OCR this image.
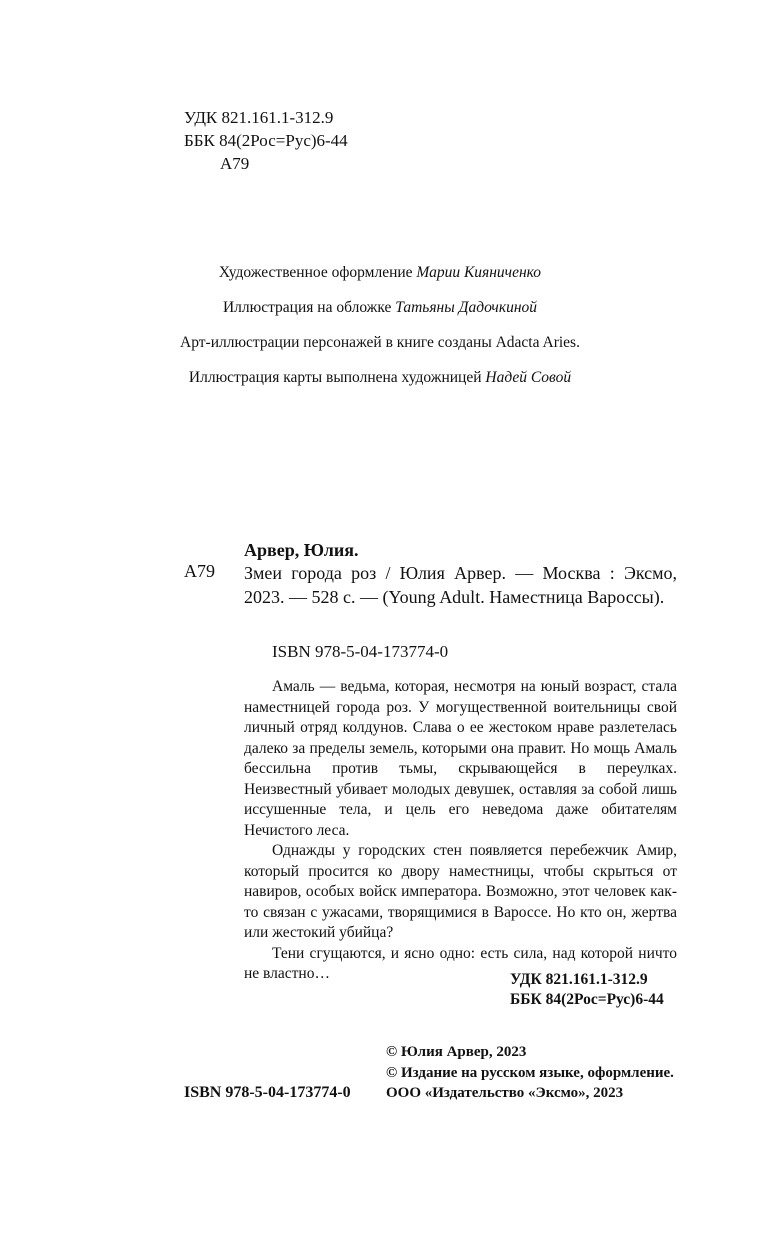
УДК 821.161.1-312.9
ББК 84(2Рос=Рус)6-44
А79
Художественное оформление Марии Кияниченко
Иллюстрация на обложке Татьяны Дадочкиной
Арт-иллюстрации персонажей в книге созданы Adacta Aries.
Иллюстрация карты выполнена художницей Надей Совой
Арвер, Юлия.
А79 Змеи города роз / Юлия Арвер. — Москва : Эксмо, 2023. — 528 с. — (Young Adult. Наместница Вароссы).
ISBN 978-5-04-173774-0

Амаль — ведьма, которая, несмотря на юный возраст, стала наместницей города роз. У могущественной воительницы свой личный отряд колдунов. Слава о ее жестоком нраве разлетелась далеко за пределы земель, которыми она правит. Но мощь Амаль бессильна против тьмы, скрывающейся в переулках. Неизвестный убивает молодых девушек, оставляя за собой лишь иссушенные тела, и цель его неведома даже обитателям Нечистого леса.

Однажды у городских стен появляется перебежчик Амир, который просится ко двору наместницы, чтобы скрыться от навиров, особых войск императора. Возможно, этот человек как-то связан с ужасами, творящимися в Вароссе. Но кто он, жертва или жестокий убийца?

Тени сгущаются, и ясно одно: есть сила, над которой ничто не властно…	УДК 821.161.1-312.9
ББК 84(2Рос=Рус)6-44
© Юлия Арвер, 2023
© Издание на русском языке, оформление.
ISBN 978-5-04-173774-0 ООО «Издательство «Эксмо», 2023
